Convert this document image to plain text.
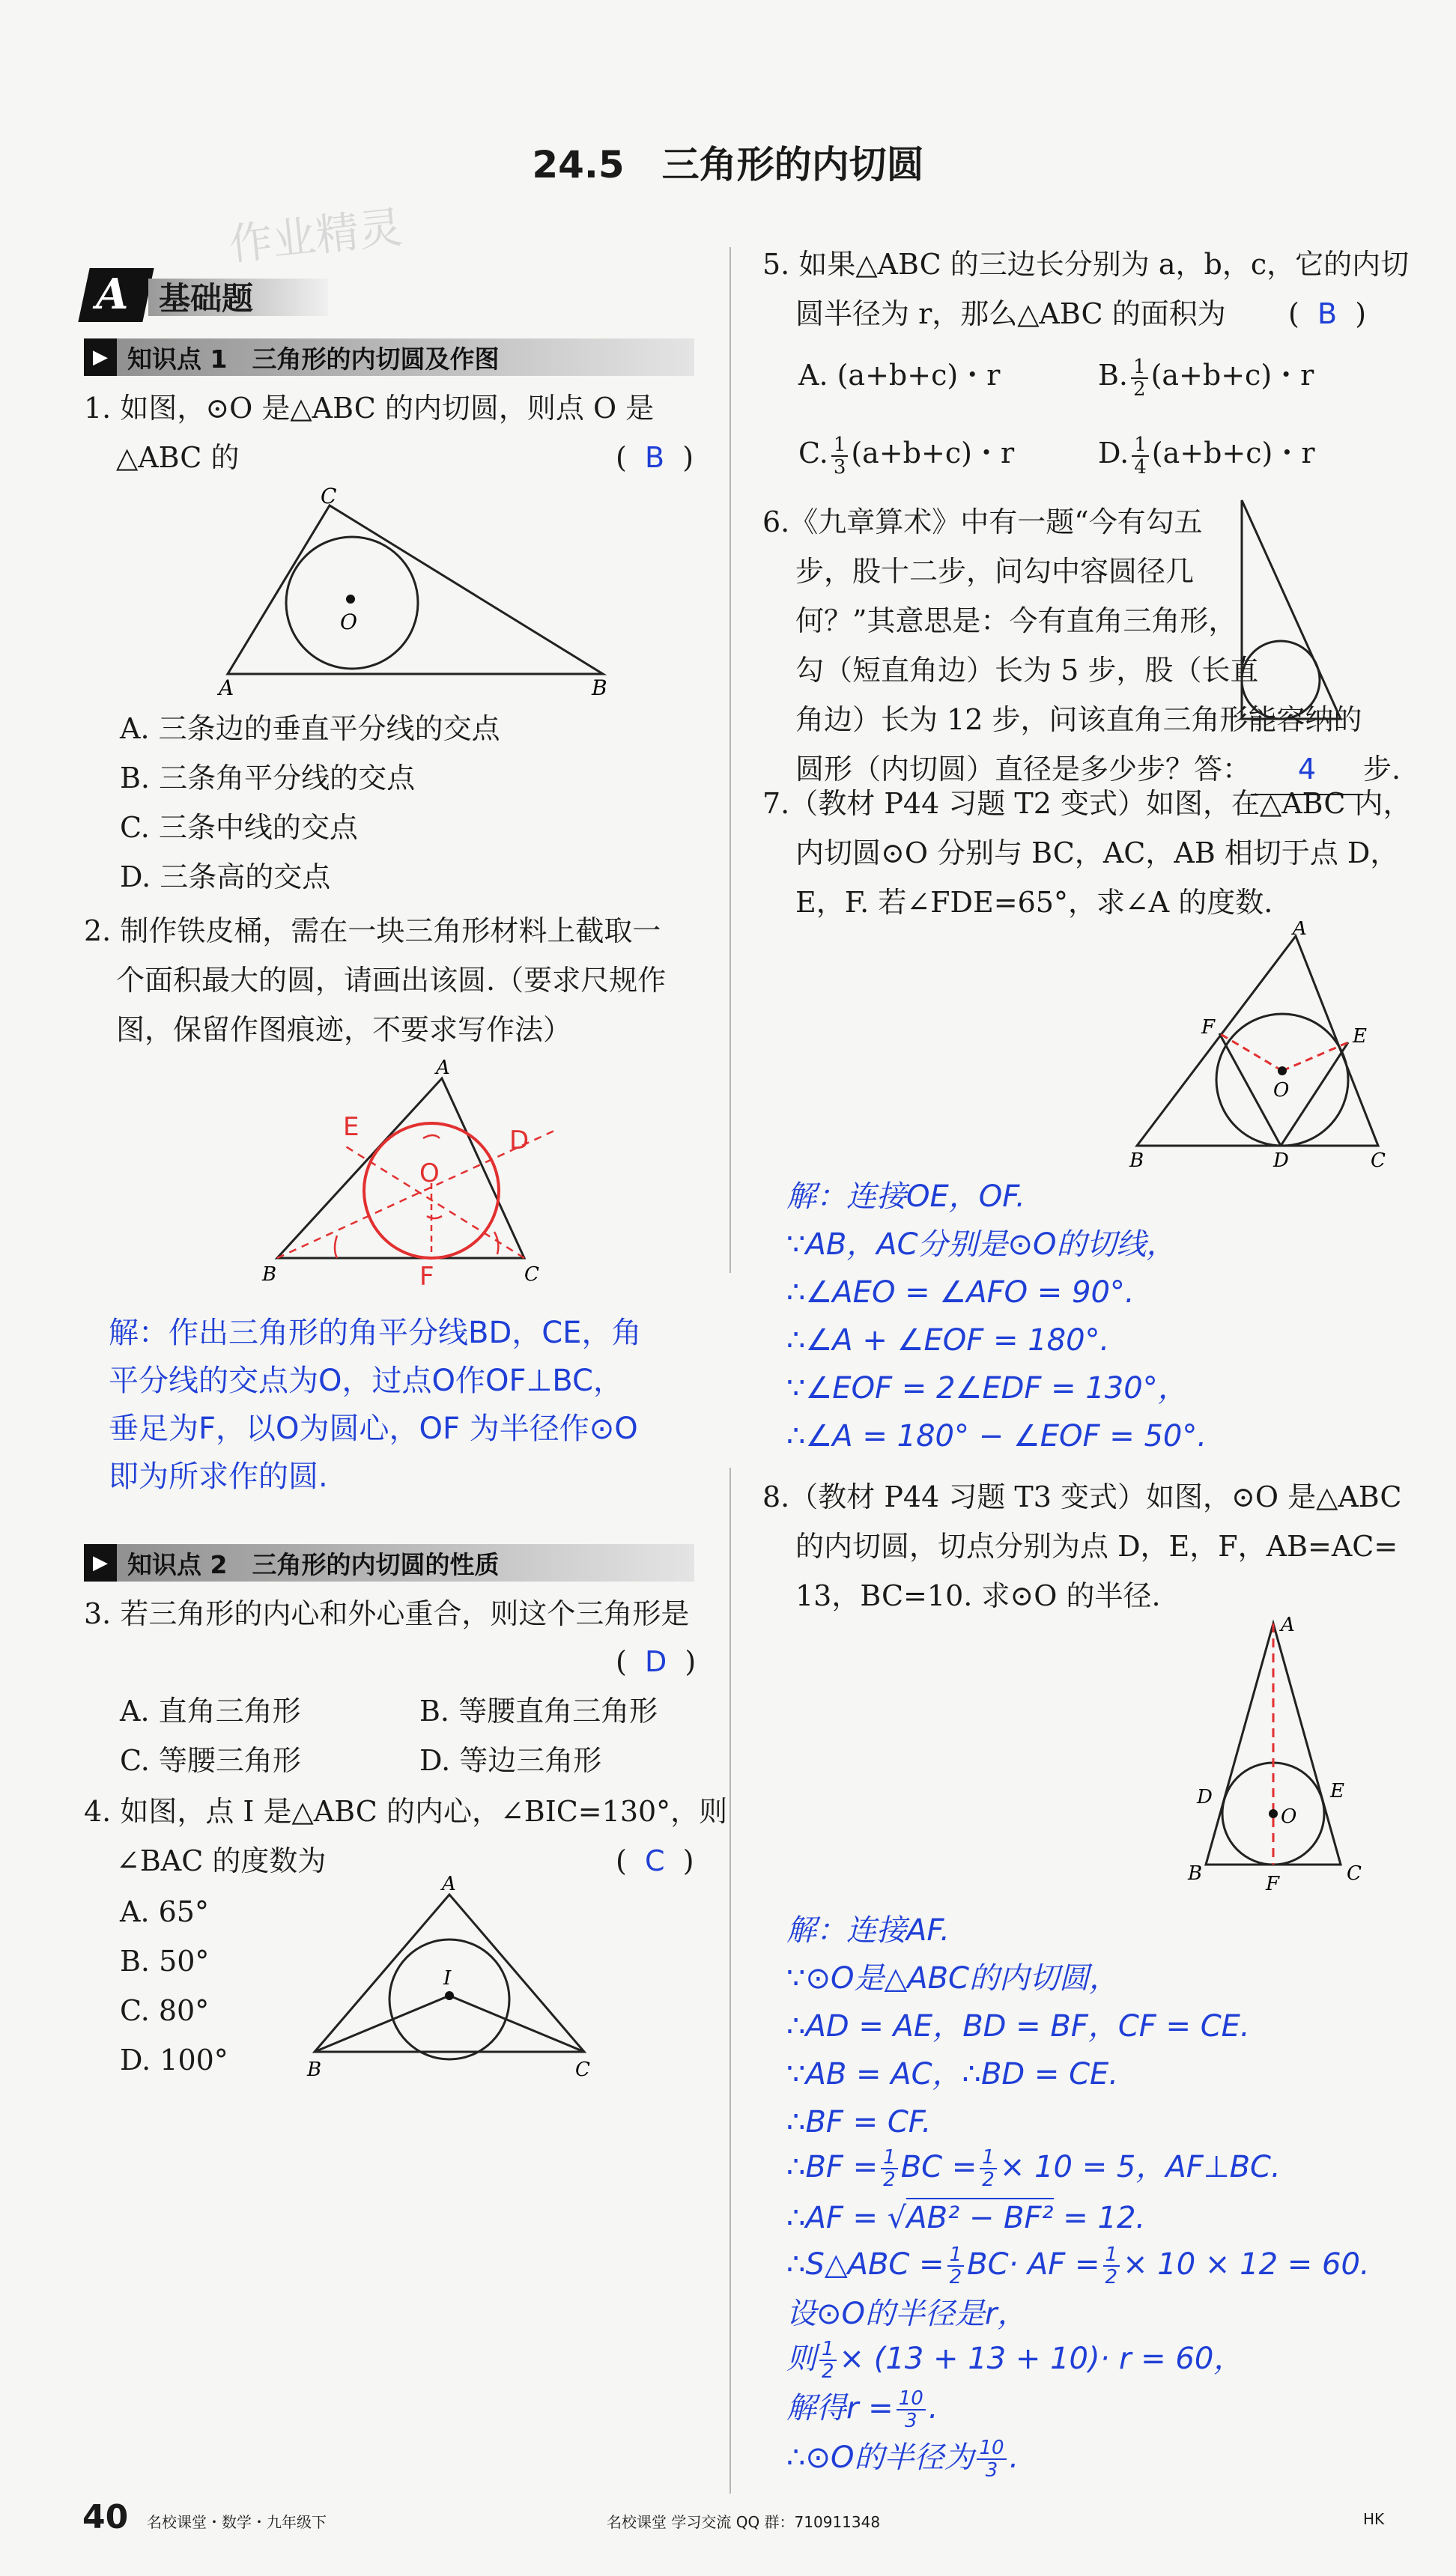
24.5　三角形的内切圆
作业精灵
A 基础题
▶ 知识点 1　三角形的内切圆及作图
1. 如图，⊙O 是△ABC 的内切圆，则点 O 是
△ABC 的	(  B  )
C
A	B
O
A. 三条边的垂直平分线的交点
B. 三条角平分线的交点
C. 三条中线的交点
D. 三条高的交点
2. 制作铁皮桶，需在一块三角形材料上截取一
个面积最大的圆，请画出该圆.（要求尺规作
图，保留作图痕迹，不要求写作法）
A
B	C
E	D
O
F
解：作出三角形的角平分线BD，CE，角
平分线的交点为O，过点O作OF⊥BC，
垂足为F，以O为圆心，OF 为半径作⊙O
即为所求作的圆.
▶ 知识点 2　三角形的内切圆的性质
3. 若三角形的内心和外心重合，则这个三角形是
(  D  )
A. 直角三角形	B. 等腰直角三角形
C. 等腰三角形	D. 等边三角形
4. 如图，点 I 是△ABC 的内心，∠BIC=130°，则
∠BAC 的度数为	(  C  )
A. 65°
B. 50°
C. 80°
D. 100°
A
B	C
I
5. 如果△ABC 的三边长分别为 a，b，c，它的内切
圆半径为 r，那么△ABC 的面积为 (  B  )
A. (a+b+c)・r	B. $\frac{1}{2} (a+b+c)$・r
C. $\frac{1}{3} (a+b+c)$・r	D. $\frac{1}{4} (a+b+c)$・r
6.《九章算术》中有一题“今有勾五
步，股十二步，问勾中容圆径几
何？”其意思是：今有直角三角形，
勾（短直角边）长为 5 步，股（长直
角边）长为 12 步，问该直角三角形能容纳的
圆形（内切圆）直径是多少步？答： 4 步.
7.（教材 P44 习题 T2 变式）如图，在△ABC 内，
内切圆⊙O 分别与 BC，AC，AB 相切于点 D，
E，F. 若∠FDE=65°，求∠A 的度数.
A
F	E
O
B	D	C
解：连接OE，OF.
∵AB，AC分别是⊙O的切线，
∴∠AEO = ∠AFO = 90°.
∴∠A + ∠EOF = 180°.
∵∠EOF = 2∠EDF = 130°，
∴∠A = 180° − ∠EOF = 50°.
8.（教材 P44 习题 T3 变式）如图，⊙O 是△ABC
的内切圆，切点分别为点 D，E，F，AB=AC=
13，BC=10. 求⊙O 的半径.
A
D	E
O
B	F	C
解：连接AF.
∵⊙O是△ABC的内切圆，
∴AD = AE，BD = BF，CF = CE.
∵AB = AC，∴BD = CE.
∴BF = CF.
∴BF = $\frac{1}{2}$ BC = $\frac{1}{2} \times 10 = 5$，AF⊥BC.
∴AF = √AB² − BF² = 12.
∴S△ABC = $\frac{1}{2} BC\cdot$ AF = $\frac{1}{2} \times 10 \times 12 = 60$.
设⊙O的半径是r，
则 $\frac{1}{2} \times (13 + 13 + 10)\cdot r = 60$，
解得$r = \frac{10}{3}$ .
∴⊙O的半径为 $\frac{10}{3}$ .
40 名校课堂・数学・九年级下	名校课堂 学习交流 QQ 群：710911348	HK
